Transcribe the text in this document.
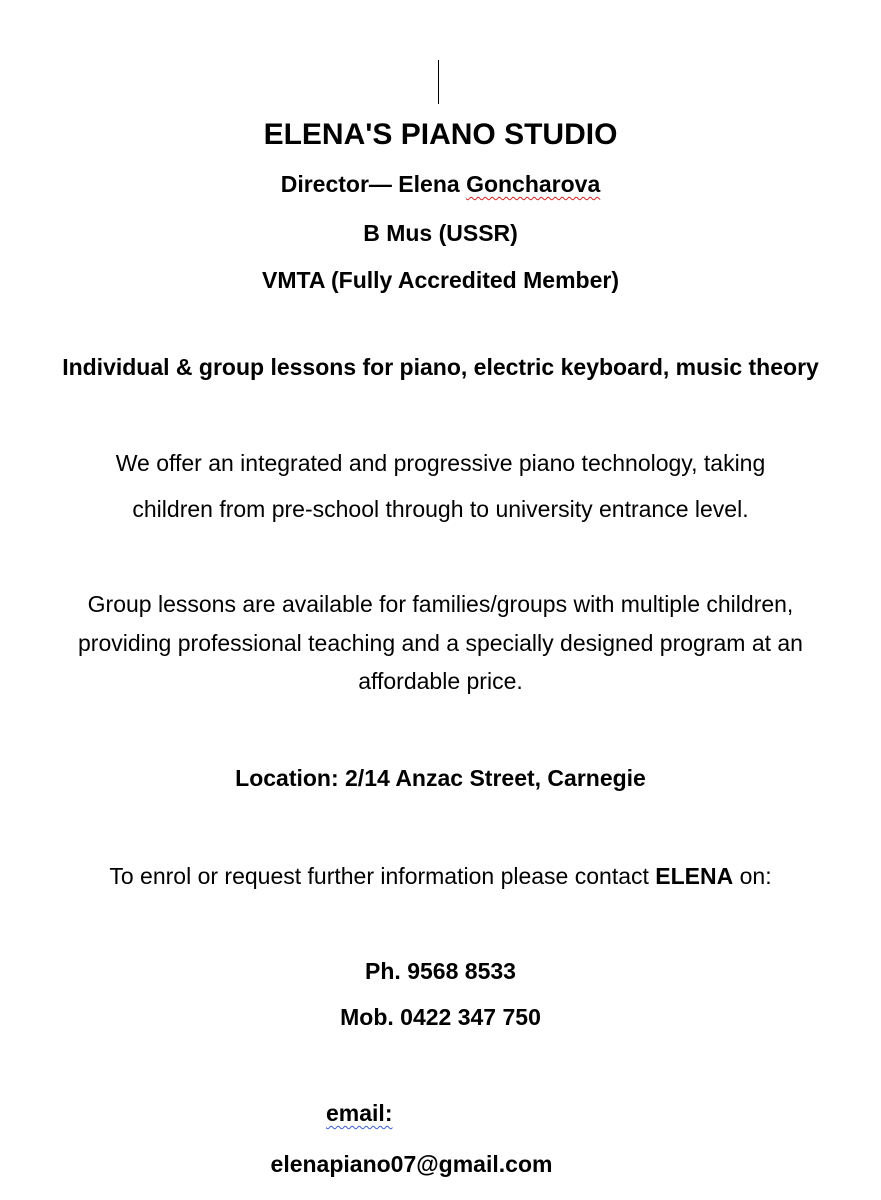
ELENA'S PIANO STUDIO
Director— Elena Goncharova
B Mus (USSR)
VMTA (Fully Accredited Member)
Individual & group lessons for piano, electric keyboard, music theory
We offer an integrated and progressive piano technology, taking
children from pre-school through to university entrance level.
Group lessons are available for families/groups with multiple children,
providing professional teaching and a specially designed program at an
affordable price.
Location: 2/14 Anzac Street, Carnegie
To enrol or request further information please contact ELENA on:
Ph. 9568 8533
Mob. 0422 347 750
email:
elenapiano07@gmail.com
